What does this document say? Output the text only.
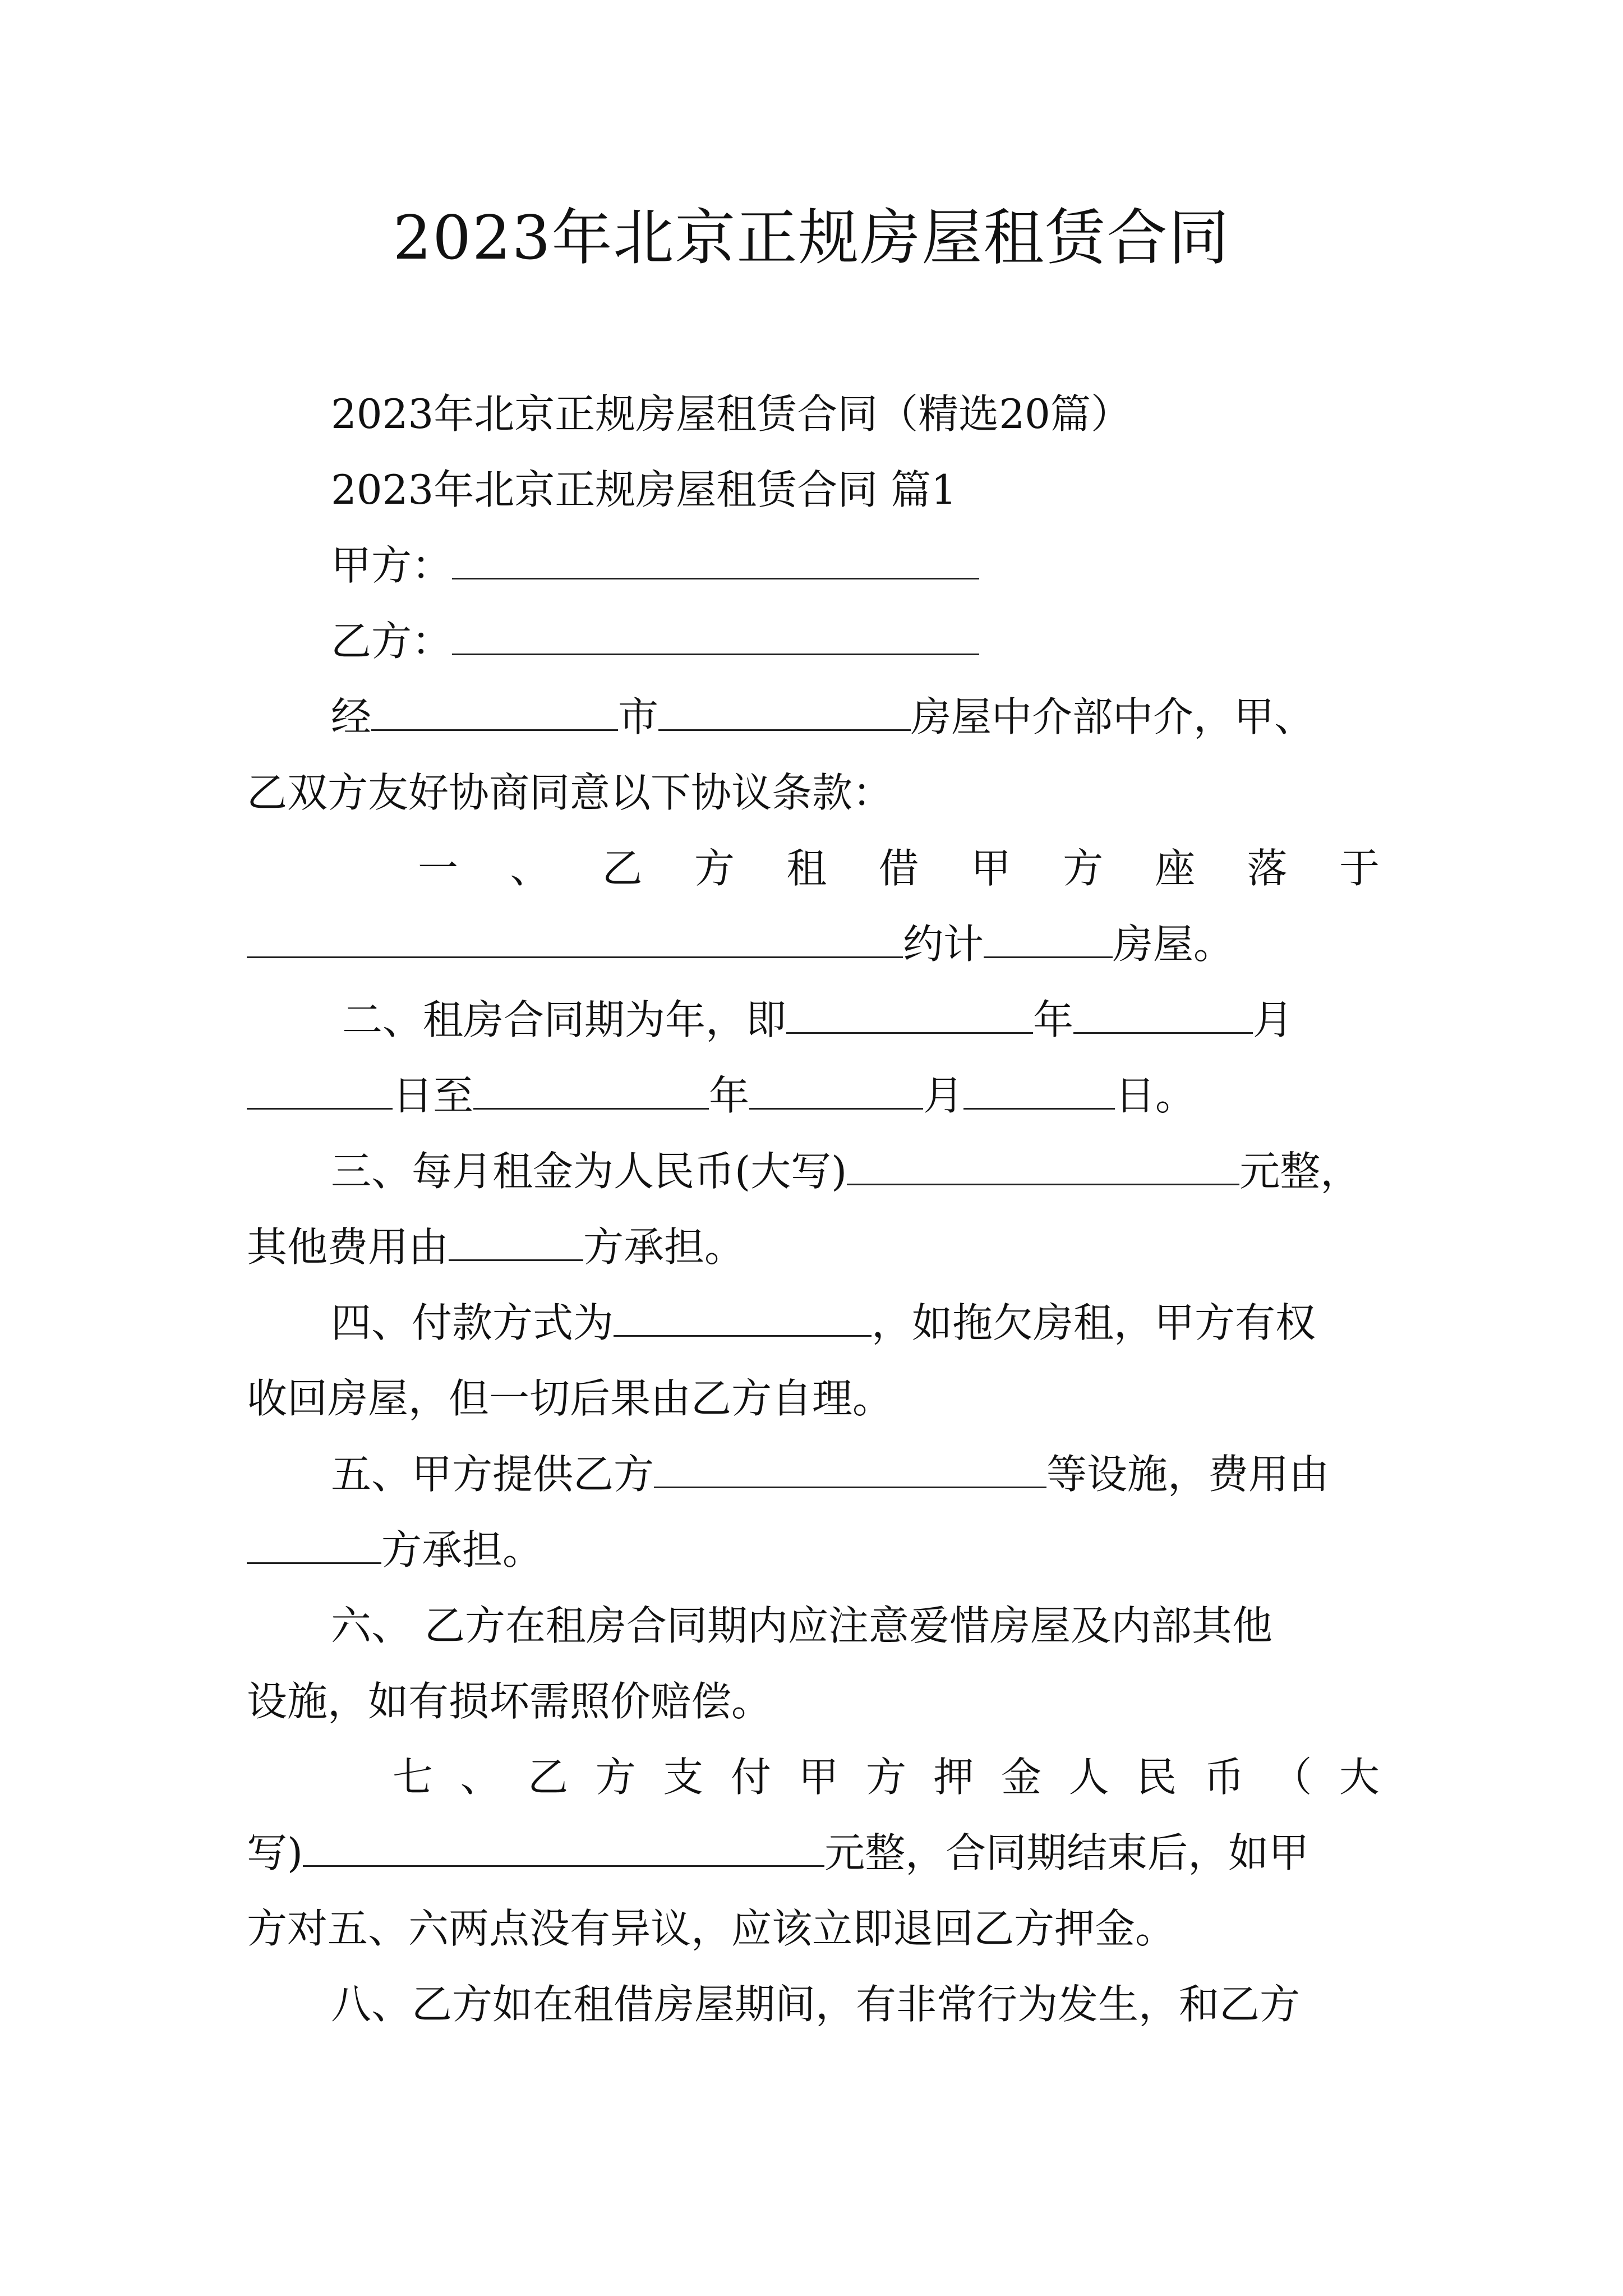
2023年北京正规房屋租赁合同
2023年北京正规房屋租赁合同（精选20篇）
2023年北京正规房屋租赁合同 篇1
甲方：
乙方：
经	市	房屋中介部中介，甲、
乙双方友好协商同意以下协议条款：
一 、 乙 方 租 借 甲 方 座 落 于
约计	房屋。
二、租房合同期为年，即	年	月
日至	年	月	日。
三、每月租金为人民币(大写)	元整，
其他费用由	方承担。
四、付款方式为	，如拖欠房租，甲方有权
收回房屋，但一切后果由乙方自理。
五、甲方提供乙方	等设施，费用由
方承担。
六、 乙方在租房合同期内应注意爱惜房屋及内部其他
设施，如有损坏需照价赔偿。
七 、 乙 方 支 付 甲 方 押 金 人 民 币 （ 大
写)	元整，合同期结束后，如甲
方对五、六两点没有异议，应该立即退回乙方押金。
八、乙方如在租借房屋期间，有非常行为发生，和乙方
